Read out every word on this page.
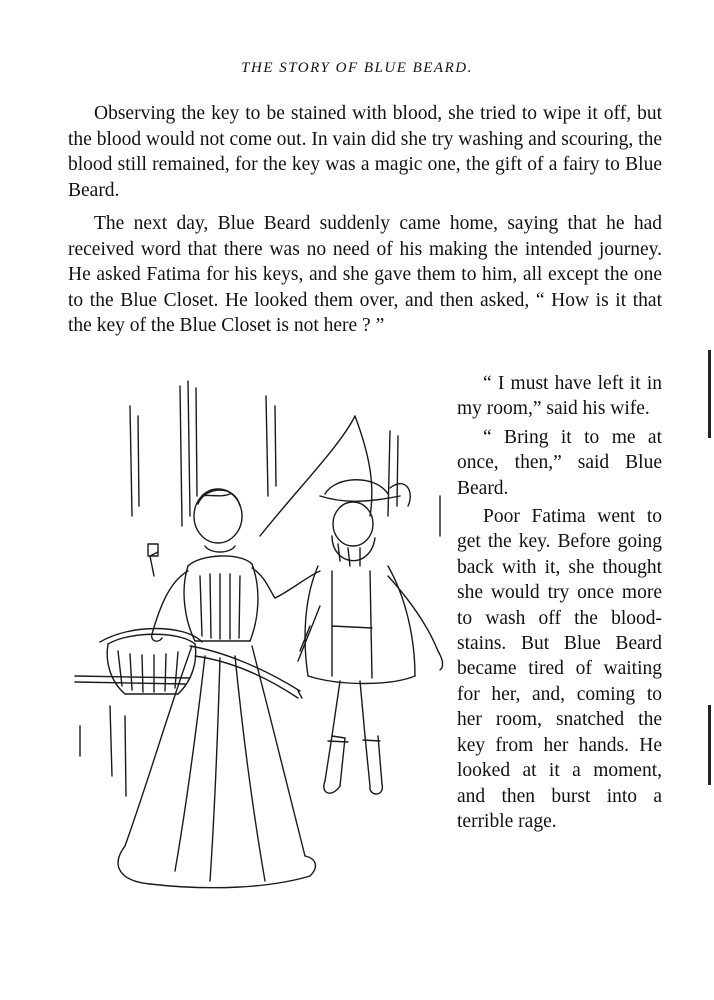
THE STORY OF BLUE BEARD.

Observing the key to be stained with blood, she tried to wipe it off, but the blood would not come out. In vain did she try washing and scouring, the blood still remained, for the key was a magic one, the gift of a fairy to Blue Beard.

The next day, Blue Beard suddenly came home, saying that he had received word that there was no need of his making the intended journey. He asked Fatima for his keys, and she gave them to him, all except the one to the Blue Closet. He looked them over, and then asked, “ How is it that the key of the Blue Closet is not here ? ”

“ I must have left it in my room,” said his wife.

“ Bring it to me at once, then,” said Blue Beard.

Poor Fatima went to get the key. Before going back with it, she thought she would try once more to wash off the blood-stains. But Blue Beard became tired of waiting for her, and, coming to her room, snatched the key from her hands. He looked at it a moment, and then burst into a terrible rage.
